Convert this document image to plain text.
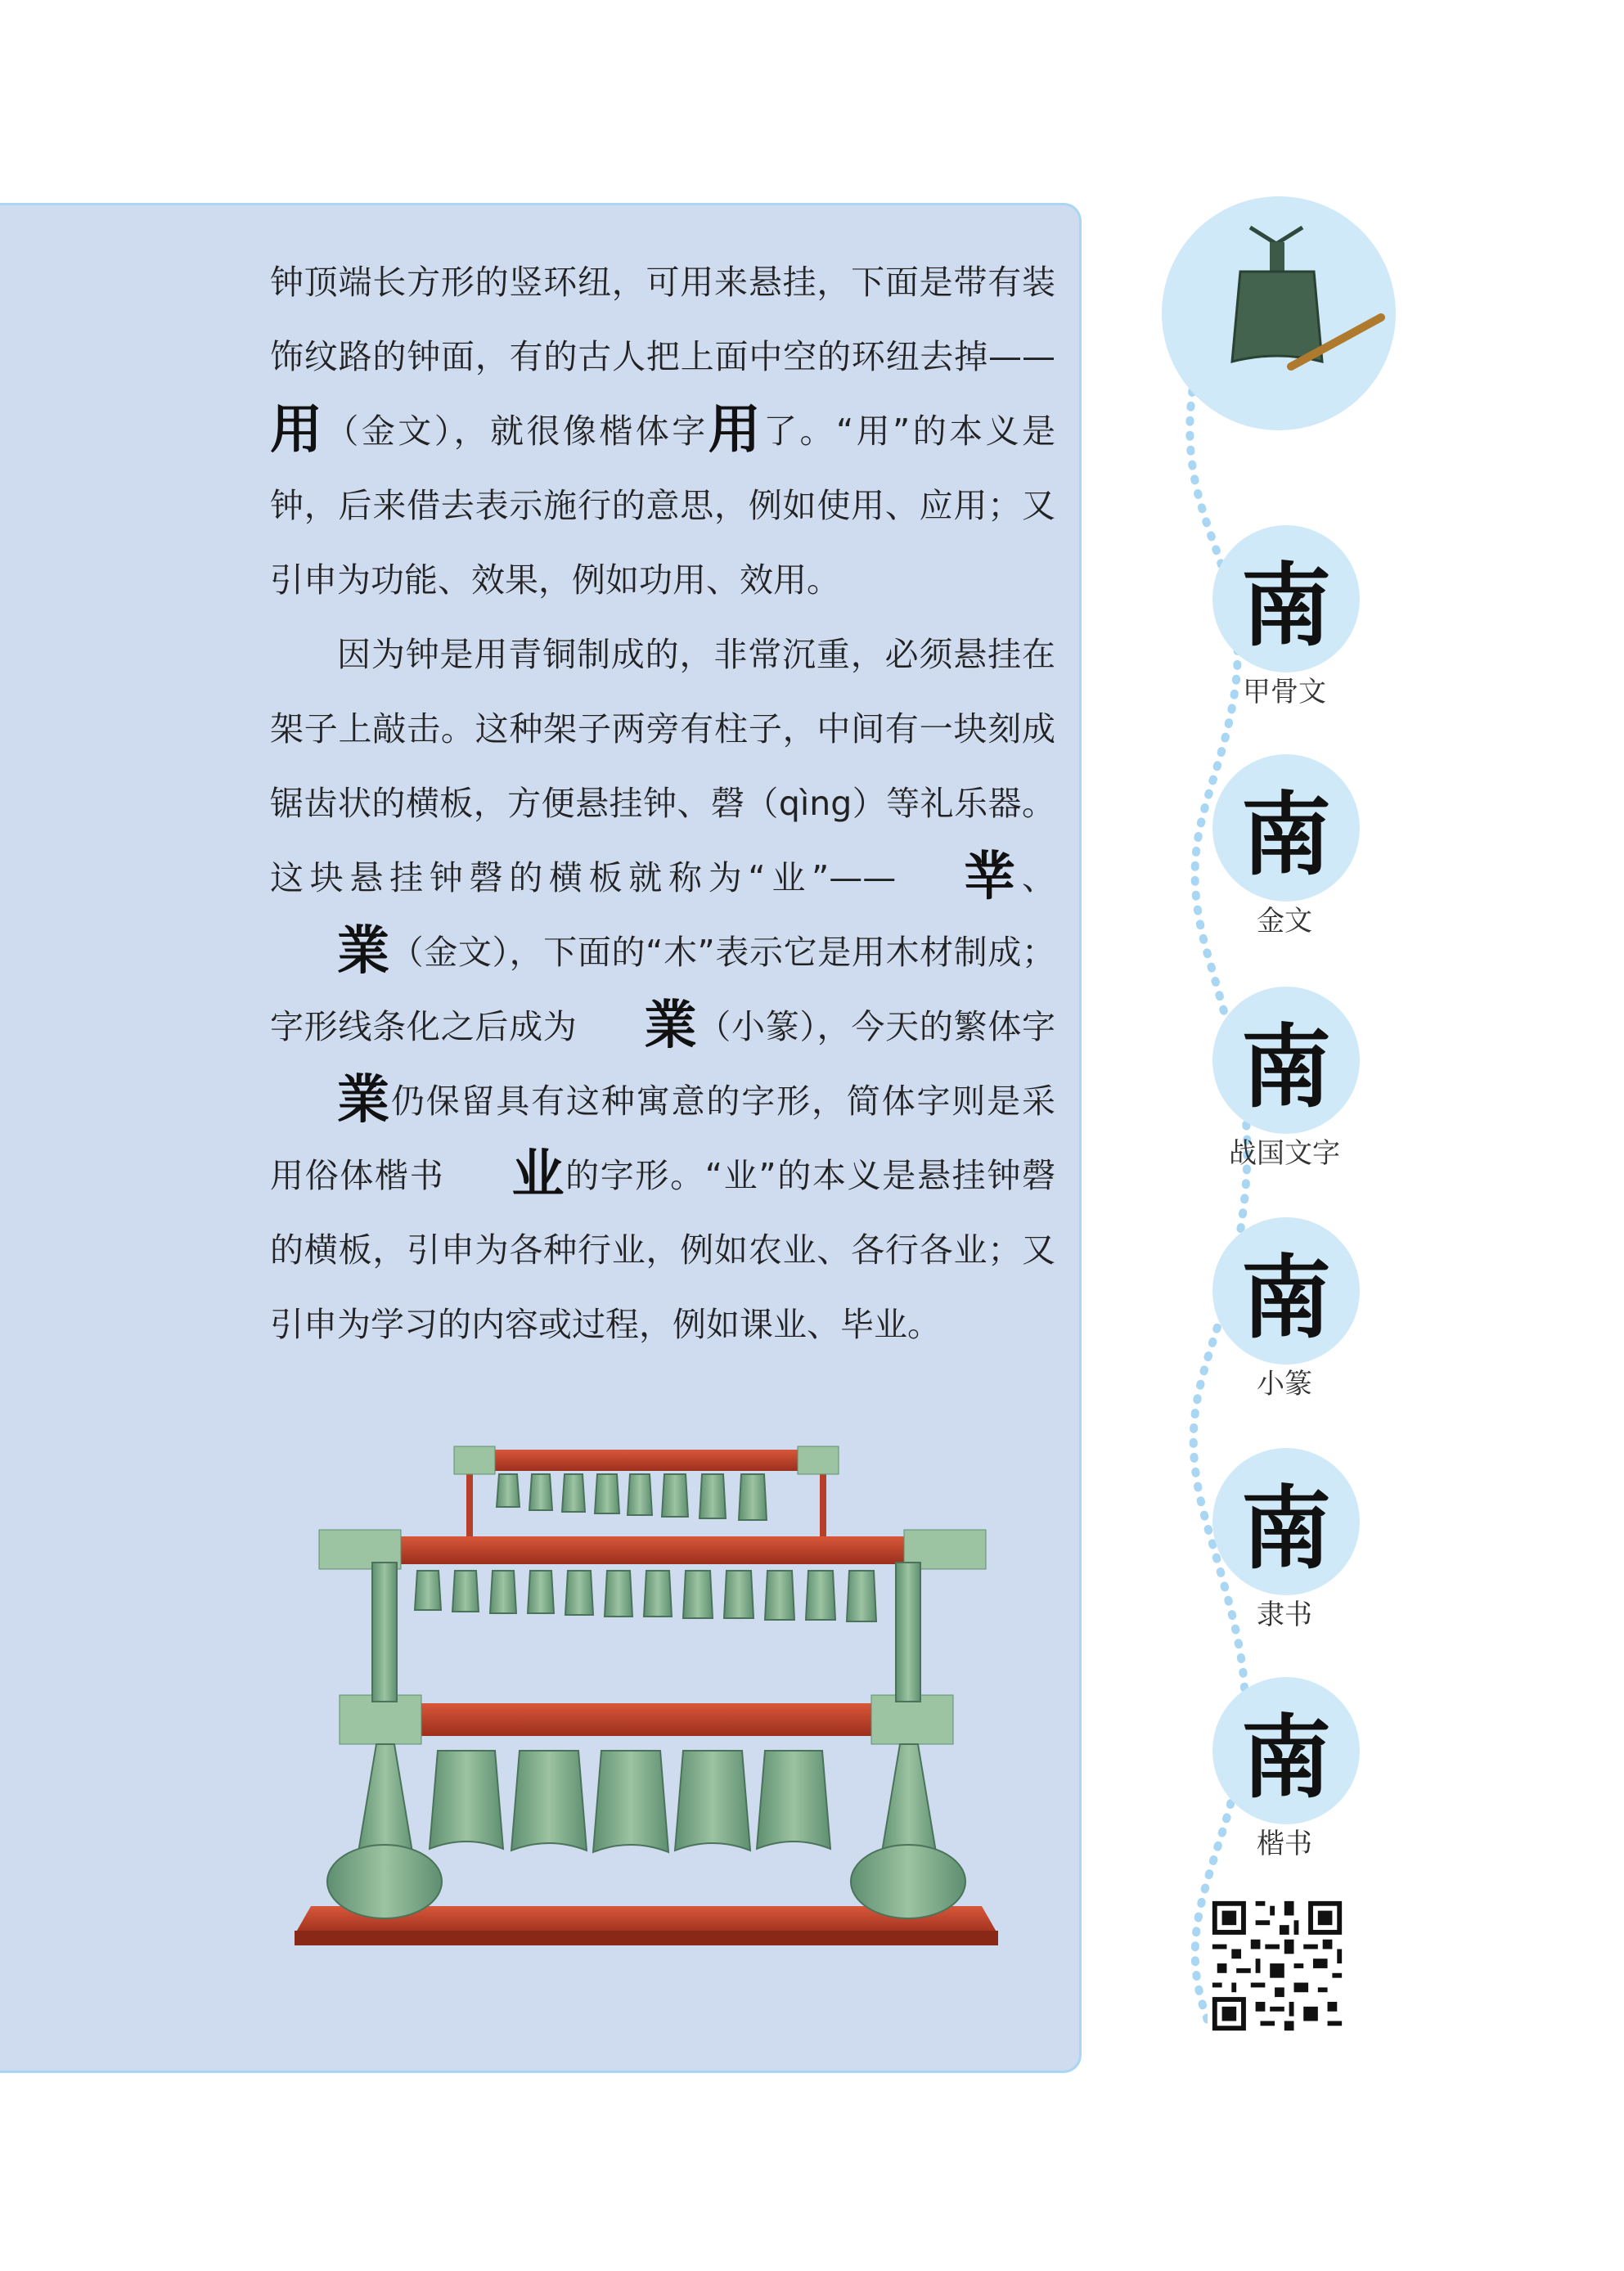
钟顶端长方形的竖环纽，可用来悬挂，下面是带有装饰纹路的钟面，有的古人把上面中空的环纽去掉——用（金文），就很像楷体字用了。“用”的本义是钟，后来借去表示施行的意思，例如使用、应用；又引申为功能、效果，例如功用、效用。

因为钟是用青铜制成的，非常沉重，必须悬挂在架子上敲击。这种架子两旁有柱子，中间有一块刻成锯齿状的横板，方便悬挂钟、磬（qìng）等礼乐器。这块悬挂钟磬的横板就称为“业”—— 丵、業（金文），下面的“木”表示它是用木材制成；字形线条化之后成为 業（小篆），今天的繁体字業仍保留具有这种寓意的字形，简体字则是采用俗体楷书 业的字形。“业”的本义是悬挂钟磬的横板，引申为各种行业，例如农业、各行各业；又引申为学习的内容或过程，例如课业、毕业。

南
甲骨文
南
金文
南
战国文字
南
小篆
南
隶书
南
楷书
